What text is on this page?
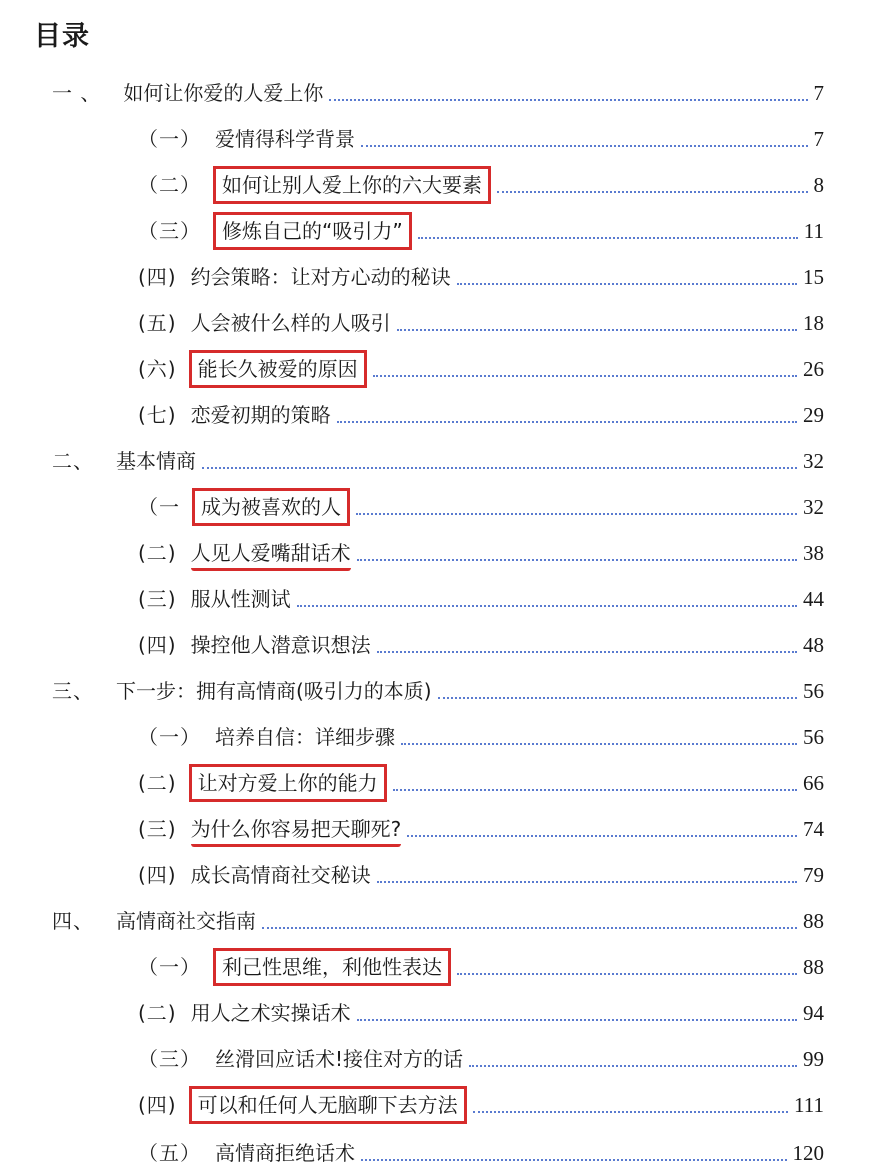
目录
一 、 如何让你爱的人爱上你	7
（一） 爱情得科学背景	7
（二） 如何让别人爱上你的六大要素	8
（三） 修炼自己的“吸引力”	11
(四) 约会策略：让对方心动的秘诀	15
(五) 人会被什么样的人吸引	18
(六) 能长久被爱的原因	26
(七) 恋爱初期的策略	29
二、 基本情商	32
（一 成为被喜欢的人	32
(二) 人见人爱嘴甜话术	38
(三) 服从性测试	44
(四) 操控他人潜意识想法	48
三、 下一步：拥有高情商(吸引力的本质)	56
（一） 培养自信：详细步骤	56
(二) 让对方爱上你的能力	66
(三) 为什么你容易把天聊死?	74
(四) 成长高情商社交秘诀	79
四、 高情商社交指南	88
（一） 利己性思维，利他性表达	88
(二) 用人之术实操话术	94
（三） 丝滑回应话术!接住对方的话	99
(四) 可以和任何人无脑聊下去方法	111
（五） 高情商拒绝话术	120
